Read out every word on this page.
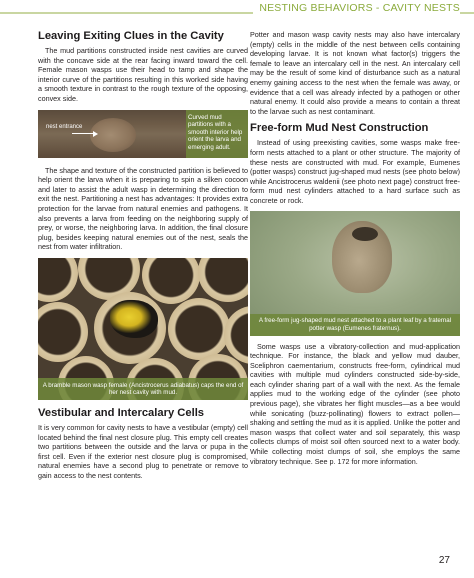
NESTING BEHAVIORS - CAVITY NESTS
Leaving Exiting Clues in the Cavity

The mud partitions constructed inside nest cavities are curved with the concave side at the rear facing inward toward the cell. Female mason wasps use their head to tamp and shape the interior curve of the partitions resulting in this worked side having a smooth texture in contrast to the rough texture of the opposing, convex side.

nest entrance
Curved mud partitions with a smooth interior help orient the larva and emerging adult.

The shape and texture of the constructed partition is believed to help orient the larva when it is preparing to spin a silken cocoon and later to assist the adult wasp in determining the direction to exit the nest. Partitioning a nest has advantages: It provides extra protection for the larvae from natural enemies and pathogens. It also prevents a larva from feeding on the neighboring supply of prey, or worse, the neighboring larva. In addition, the final closure plug, besides keeping natural enemies out of the nest, seals the nest from water infiltration.

A bramble mason wasp female (Ancistrocerus adiabatus) caps the end of her nest cavity with mud.
Vestibular and Intercalary Cells

It is very common for cavity nests to have a vestibular (empty) cell located behind the final nest closure plug. This empty cell creates two partitions between the outside and the larva or pupa in the first cell. Even if the exterior nest closure plug is compromised, natural enemies have a second plug to penetrate or remove to gain access to the nest contents.

Potter and mason wasp cavity nests may also have intercalary (empty) cells in the middle of the nest between cells containing developing larvae. It is not known what factor(s) triggers the female to leave an intercalary cell in the nest. An intercalary cell may be the result of some kind of disturbance such as a natural enemy gaining access to the nest when the female was away, or evidence that a cell was already infected by a pathogen or other natural enemy. It could also provide a means to contain a threat to the larvae such as nest contaminant.

Free-form Mud Nest Construction

Instead of using preexisting cavities, some wasps make free-form nests attached to a plant or other structure. The majority of these nests are constructed with mud. For example, Eumenes (potter wasps) construct jug-shaped mud nests (see photo below) while Ancistrocerus waldenii (see photo next page) construct free-form mud nest cylinders attached to a hard surface such as concrete or rock.

A free-form jug-shaped mud nest attached to a plant leaf by a fraternal potter wasp (Eumenes fraternus).

Some wasps use a vibratory-collection and mud-application technique. For instance, the black and yellow mud dauber, Sceliphron caementarium, constructs free-form, cylindrical mud cavities with multiple mud cylinders constructed side-by-side, each cylinder sharing part of a wall with the next. As the female applies mud to the working edge of the cylinder (see photo previous page), she vibrates her flight muscles—as a bee would while sonicating (buzz-pollinating) flowers to extract pollen—shaking and settling the mud as it is applied. Unlike the potter and mason wasps that collect water and soil separately, this wasp collects clumps of moist soil often sourced next to a water body. While collecting moist clumps of soil, she employs the same vibratory technique. See p. 172 for more information.

27
